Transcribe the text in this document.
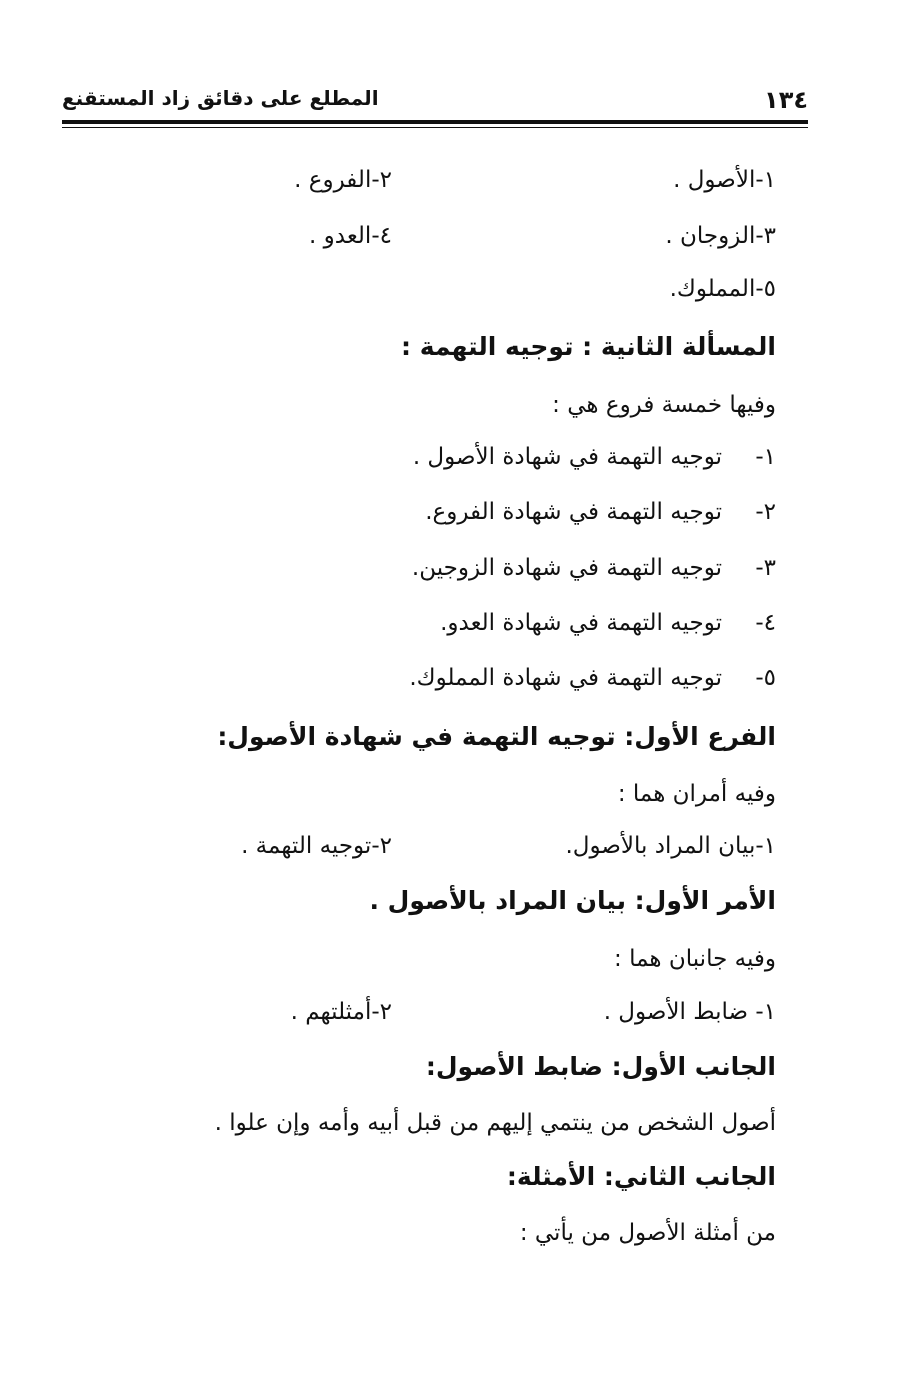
١٣٤
المطلع على دقائق زاد المستقنع
١-الأصول .
٢-الفروع .
٣-الزوجان .
٤-العدو .
٥-المملوك.
المسألة الثانية : توجيه التهمة :
وفيها خمسة فروع هي :
١-توجيه التهمة في شهادة الأصول .
٢-توجيه التهمة في شهادة الفروع.
٣-توجيه التهمة في شهادة الزوجين.
٤-توجيه التهمة في شهادة العدو.
٥-توجيه التهمة في شهادة المملوك.
الفرع الأول: توجيه التهمة في شهادة الأصول:
وفيه أمران هما :
١-بيان المراد بالأصول.
٢-توجيه التهمة .
الأمر الأول: بيان المراد بالأصول .
وفيه جانبان هما :
١- ضابط الأصول .
٢-أمثلتهم .
الجانب الأول: ضابط الأصول:
أصول الشخص من ينتمي إليهم من قبل أبيه وأمه وإن علوا .
الجانب الثاني: الأمثلة:
من أمثلة الأصول من يأتي :
